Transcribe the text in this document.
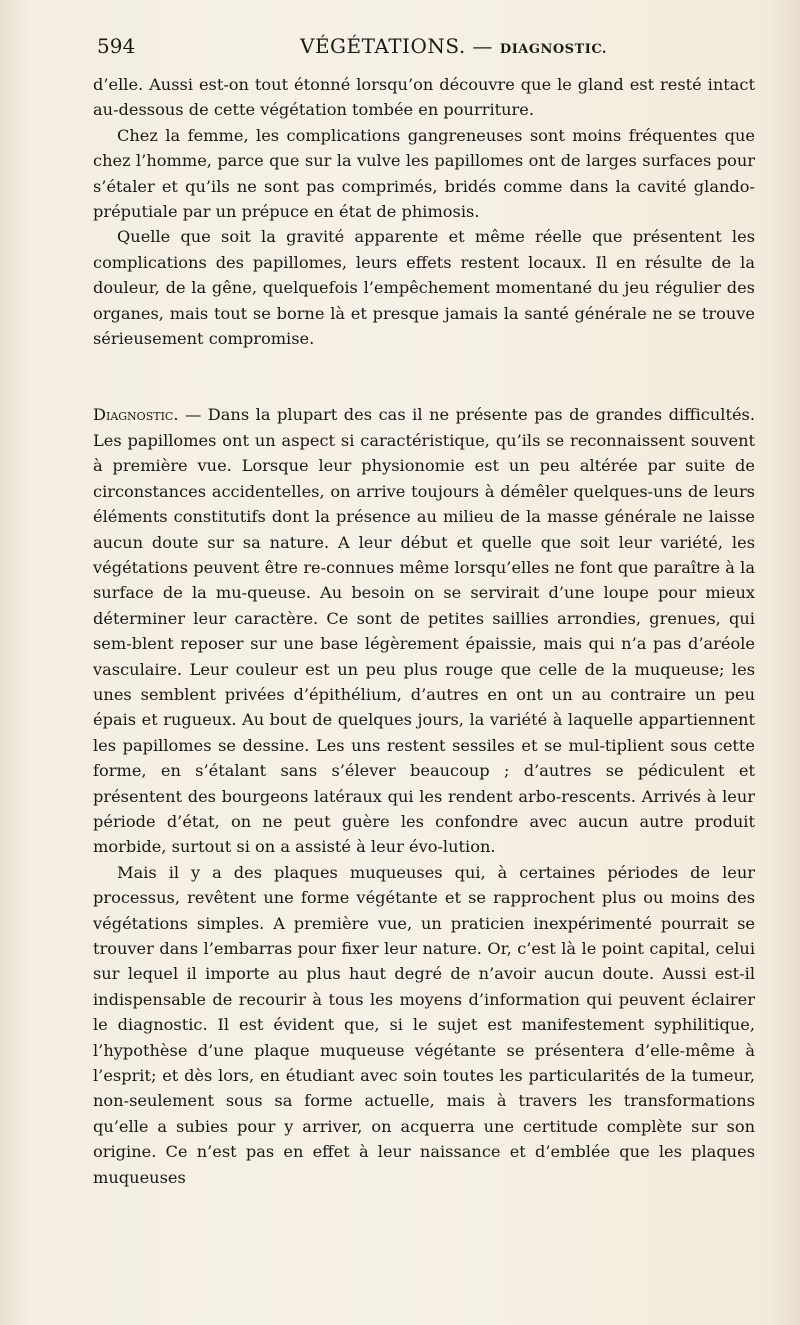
594	VÉGÉTATIONS. — DIAGNOSTIC.

d’elle. Aussi est-on tout étonné lorsqu’on découvre que le gland est resté intact au-dessous de cette végétation tombée en pourriture.

Chez la femme, les complications gangreneuses sont moins fréquentes que chez l’homme, parce que sur la vulve les papillomes ont de larges surfaces pour s’étaler et qu’ils ne sont pas comprimés, bridés comme dans la cavité glando-préputiale par un prépuce en état de phimosis.

Quelle que soit la gravité apparente et même réelle que présentent les complications des papillomes, leurs effets restent locaux. Il en résulte de la douleur, de la gêne, quelquefois l’empêchement momentané du jeu régulier des organes, mais tout se borne là et presque jamais la santé générale ne se trouve sérieusement compromise.

Diagnostic. — Dans la plupart des cas il ne présente pas de grandes difficultés. Les papillomes ont un aspect si caractéristique, qu’ils se reconnaissent souvent à première vue. Lorsque leur physionomie est un peu altérée par suite de circonstances accidentelles, on arrive toujours à démêler quelques-uns de leurs éléments constitutifs dont la présence au milieu de la masse générale ne laisse aucun doute sur sa nature. A leur début et quelle que soit leur variété, les végétations peuvent être re-connues même lorsqu’elles ne font que paraître à la surface de la mu-queuse. Au besoin on se servirait d’une loupe pour mieux déterminer leur caractère. Ce sont de petites saillies arrondies, grenues, qui sem-blent reposer sur une base légèrement épaissie, mais qui n’a pas d’aréole vasculaire. Leur couleur est un peu plus rouge que celle de la muqueuse; les unes semblent privées d’épithélium, d’autres en ont un au contraire un peu épais et rugueux. Au bout de quelques jours, la variété à laquelle appartiennent les papillomes se dessine. Les uns restent sessiles et se mul-tiplient sous cette forme, en s’étalant sans s’élever beaucoup ; d’autres se pédiculent et présentent des bourgeons latéraux qui les rendent arbo-rescents. Arrivés à leur période d’état, on ne peut guère les confondre avec aucun autre produit morbide, surtout si on a assisté à leur évo-lution.

Mais il y a des plaques muqueuses qui, à certaines périodes de leur processus, revêtent une forme végétante et se rapprochent plus ou moins des végétations simples. A première vue, un praticien inexpérimenté pourrait se trouver dans l’embarras pour fixer leur nature. Or, c’est là le point capital, celui sur lequel il importe au plus haut degré de n’avoir aucun doute. Aussi est-il indispensable de recourir à tous les moyens d’information qui peuvent éclairer le diagnostic. Il est évident que, si le sujet est manifestement syphilitique, l’hypothèse d’une plaque muqueuse végétante se présentera d’elle-même à l’esprit; et dès lors, en étudiant avec soin toutes les particularités de la tumeur, non-seulement sous sa forme actuelle, mais à travers les transformations qu’elle a subies pour y arriver, on acquerra une certitude complète sur son origine. Ce n’est pas en effet à leur naissance et d’emblée que les plaques muqueuses
